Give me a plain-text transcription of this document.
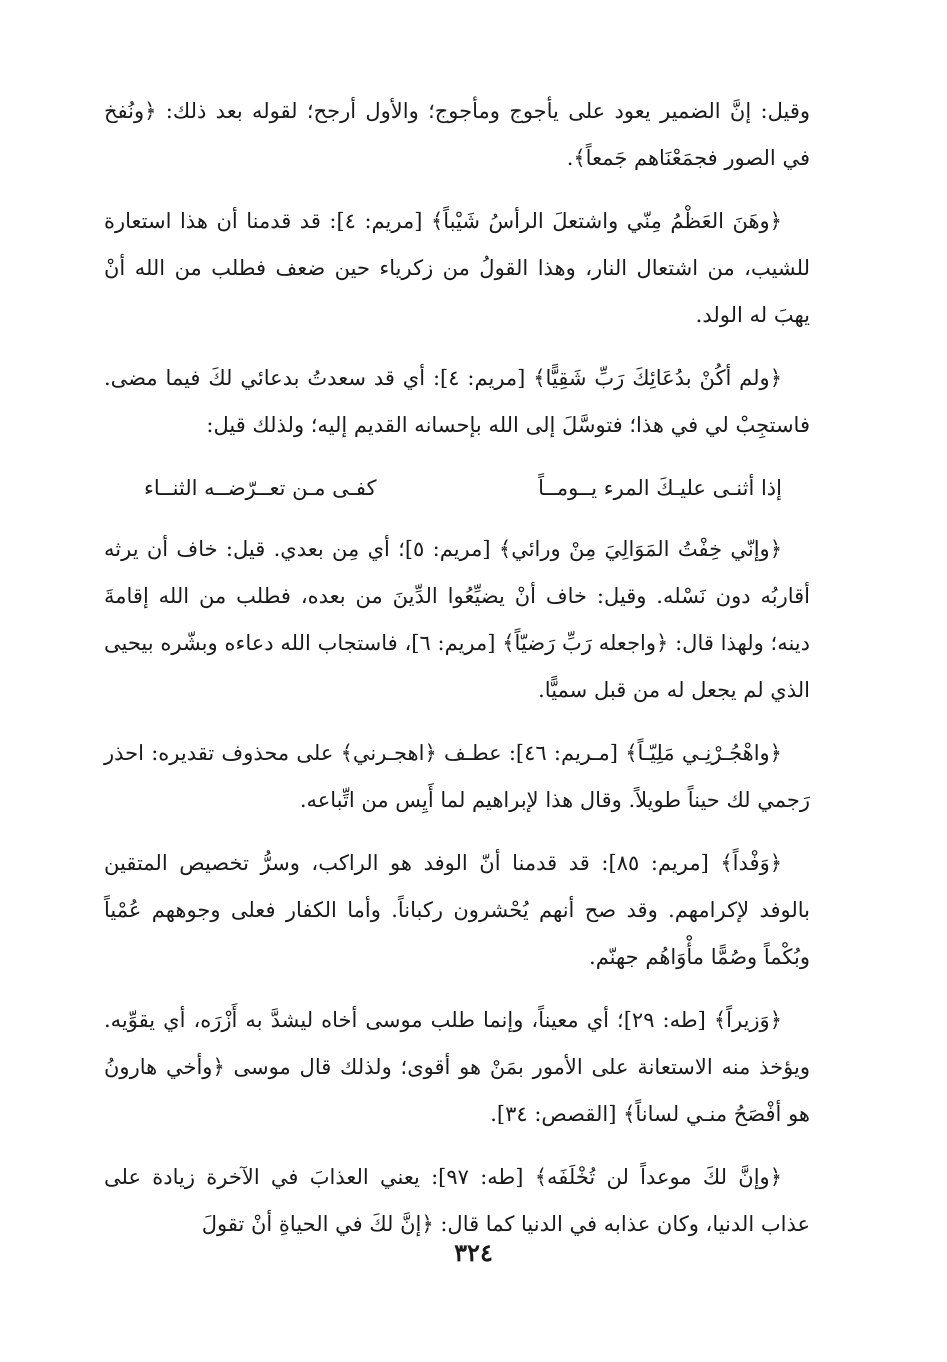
وقيل: إنَّ الضمير يعود على يأجوج ومأجوج؛ والأول أرجح؛ لقوله بعد ذلك: ﴿ونُفخ في الصور فجمَعْنَاهم جَمعاً﴾.

﴿وهَنَ العَظْمُ مِنّي واشتعلَ الرأسُ شَيْباً﴾ [مريم: ٤]: قد قدمنا أن هذا استعارة للشيب، من اشتعال النار، وهذا القولُ من زكرياء حين ضعف فطلب من الله أنْ يهبَ له الولد.

﴿ولم أكُنْ بدُعَائِكَ رَبِّ شَقِيًّا﴾ [مريم: ٤]: أي قد سعدتُ بدعائي لكَ فيما مضى. فاستجِبْ لي في هذا؛ فتوسَّلَ إلى الله بإحسانه القديم إليه؛ ولذلك قيل:

إذا أثنـى عليـكَ المرء يــومــاً
كفـى مـن تعــرّضــه الثنــاء

﴿وإنّي خِفْتُ المَوَالِيَ مِنْ ورائي﴾ [مريم: ٥]؛ أي مِن بعدي. قيل: خاف أن يرثه أقاربُه دون نَسْله. وقيل: خاف أنْ يضيِّعُوا الدِّينَ من بعده، فطلب من الله إقامةَ دينه؛ ولهذا قال: ﴿واجعله رَبِّ رَضيّاً﴾ [مريم: ٦]، فاستجاب الله دعاءه وبشّره بيحيى الذي لم يجعل له من قبل سميًّا.

﴿واهْجُـرْنِـي مَلِيّـاً﴾ [مـريم: ٤٦]: عطـف ﴿اهجـرني﴾ على محذوف تقديره: احذر رَجمي لك حيناً طويلاً. وقال هذا لإبراهيم لما أَيِس من اتِّباعه.

﴿وَفْداً﴾ [مريم: ٨٥]: قد قدمنا أنّ الوفد هو الراكب، وسرُّ تخصيص المتقين بالوفد لإكرامهم. وقد صح أنهم يُحْشرون ركباناً. وأما الكفار فعلى وجوههم عُمْياً وبُكْماً وصُمًّا مأْوَاهُم جهنّم.

﴿وَزيراً﴾ [طه: ٢٩]؛ أي معيناً، وإنما طلب موسى أخاه ليشدَّ به أَزْرَه، أي يقوِّيه. ويؤخذ منه الاستعانة على الأمور بمَنْ هو أقوى؛ ولذلك قال موسى ﴿وأخي هارونُ هو أفْصَحُ منـي لساناً﴾ [القصص: ٣٤].

﴿وإنَّ لكَ موعداً لن تُخْلَفَه﴾ [طه: ٩٧]: يعني العذابَ في الآخرة زيادة على عذاب الدنيا، وكان عذابه في الدنيا كما قال: ﴿إنَّ لكَ في الحياةِ أنْ تقولَ

٣٢٤
